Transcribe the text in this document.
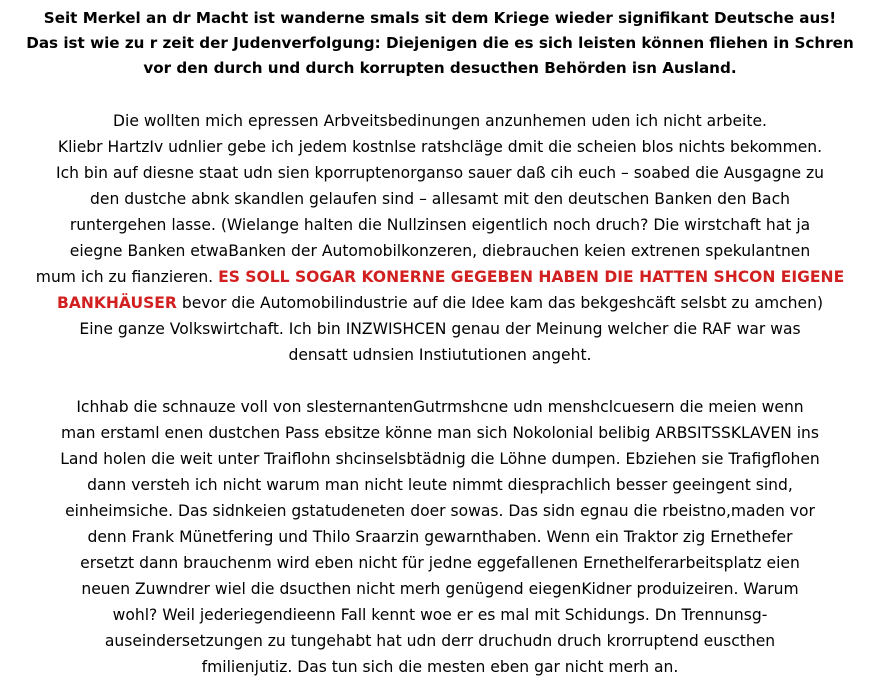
Seit Merkel an dr Macht ist wanderne smals sit dem Kriege wieder signifikant Deutsche aus!
Das ist wie zu r zeit der Judenverfolgung: Diejenigen die es sich leisten können fliehen in Schren
vor den durch und durch korrupten desucthen Behörden isn Ausland.
Die wollten mich epressen Arbveitsbedinungen anzunhemen uden ich nicht arbeite.
Kliebr HartzIv udnlier gebe ich jedem kostnlse ratshcläge dmit die scheien blos nichts bekommen.
Ich bin auf diesne staat udn sien kporruptenorganso sauer daß cih euch – soabed die Ausgagne zu
den dustche abnk skandlen gelaufen sind – allesamt mit den deutschen Banken den Bach
runtergehen lasse. (Wielange halten die Nullzinsen eigentlich noch druch? Die wirstchaft hat ja
eiegne Banken etwaBanken der Automobilkonzeren, diebrauchen keien extrenen spekulantnen
mum ich zu fianzieren. ES SOLL SOGAR KONERNE GEGEBEN HABEN DIE HATTEN SHCON EIGENE
BANKHÄUSER bevor die Automobilindustrie auf die Idee kam das bekgeshcäft selsbt zu amchen)
Eine ganze Volkswirtchaft. Ich bin INZWISHCEN genau der Meinung welcher die RAF war was
densatt udnsien Instiututionen angeht.
Ichhab die schnauze voll von slesternantenGutrmshcne udn menshclcuesern die meien wenn
man erstaml enen dustchen Pass ebsitze könne man sich Nokolonial belibig ARBSITSSKLAVEN ins
Land holen die weit unter Traiflohn shcinselsbtädnig die Löhne dumpen. Ebziehen sie Trafigflohen
dann versteh ich nicht warum man nicht leute nimmt diesprachlich besser geeingent sind,
einheimsiche. Das sidnkeien gstatudeneten doer sowas. Das sidn egnau die rbeistno,maden vor
denn Frank Münetfering und Thilo Sraarzin gewarnthaben. Wenn ein Traktor zig Ernethefer
ersetzt dann brauchenm wird eben nicht für jedne eggefallenen Ernethelferarbeitsplatz eien
neuen Zuwndrer wiel die dsucthen nicht merh genügend eiegenKidner produizeiren. Warum
wohl? Weil jederiegendieenn Fall kennt woe er es mal mit Schidungs. Dn Trennunsg-
auseindersetzungen zu tungehabt hat udn derr druchudn druch krorruptend euscthen
fmilienjutiz. Das tun sich die mesten eben gar nicht merh an.
